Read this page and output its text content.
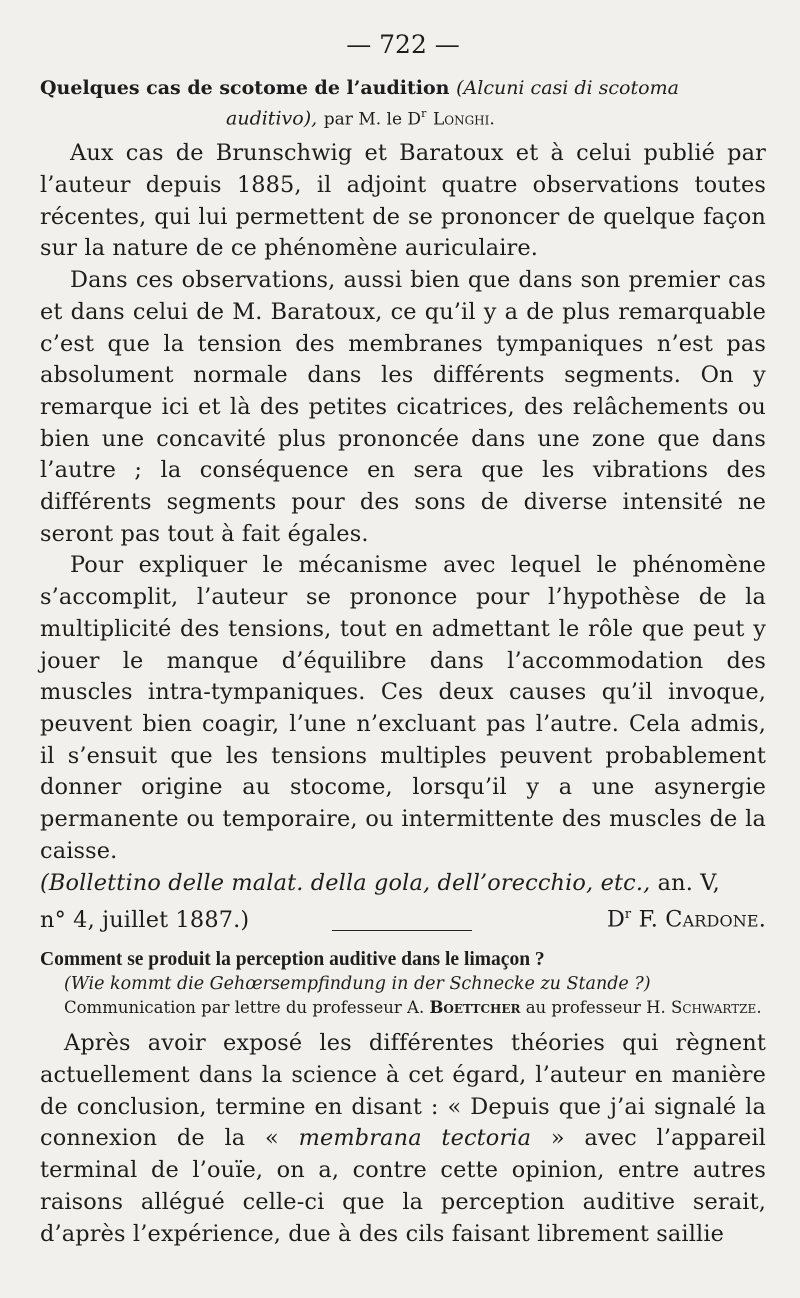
— 722 —
Quelques cas de scotome de l’audition (Alcuni casi di scotoma
auditivo), par M. le $D^r$ Longhi.

Aux cas de Brunschwig et Baratoux et à celui publié par l’auteur depuis 1885, il adjoint quatre observations toutes récentes, qui lui permettent de se prononcer de quelque façon sur la nature de ce phénomène auriculaire.

Dans ces observations, aussi bien que dans son premier cas et dans celui de M. Baratoux, ce qu’il y a de plus remarquable c’est que la tension des membranes tympaniques n’est pas absolument normale dans les différents segments. On y remarque ici et là des petites cicatrices, des relâchements ou bien une concavité plus prononcée dans une zone que dans l’autre ; la conséquence en sera que les vibrations des différents segments pour des sons de diverse intensité ne seront pas tout à fait égales.

Pour expliquer le mécanisme avec lequel le phénomène s’accomplit, l’auteur se prononce pour l’hypothèse de la multiplicité des tensions, tout en admettant le rôle que peut y jouer le manque d’équilibre dans l’accommodation des muscles intra-tympaniques. Ces deux causes qu’il invoque, peuvent bien coagir, l’une n’excluant pas l’autre. Cela admis, il s’ensuit que les tensions multiples peuvent probablement donner origine au stocome, lorsqu’il y a une asynergie permanente ou temporaire, ou intermittente des muscles de la caisse.

(Bollettino delle malat. della gola, dell’orecchio, etc., an. V,
n° 4, juillet 1887.)	$D^r$ F. Cardone.
Comment se produit la perception auditive dans le limaçon ?
(Wie kommt die Gehœrsempfindung in der Schnecke zu Stande ?)
Communication par lettre du professeur A. Boettcher au professeur H. Schwartze.

Après avoir exposé les différentes théories qui règnent actuellement dans la science à cet égard, l’auteur en manière de conclusion, termine en disant : « Depuis que j’ai signalé la connexion de la « membrana tectoria » avec l’appareil terminal de l’ouïe, on a, contre cette opinion, entre autres raisons allégué celle-ci que la perception auditive serait, d’après l’expérience, due à des cils faisant librement saillie
